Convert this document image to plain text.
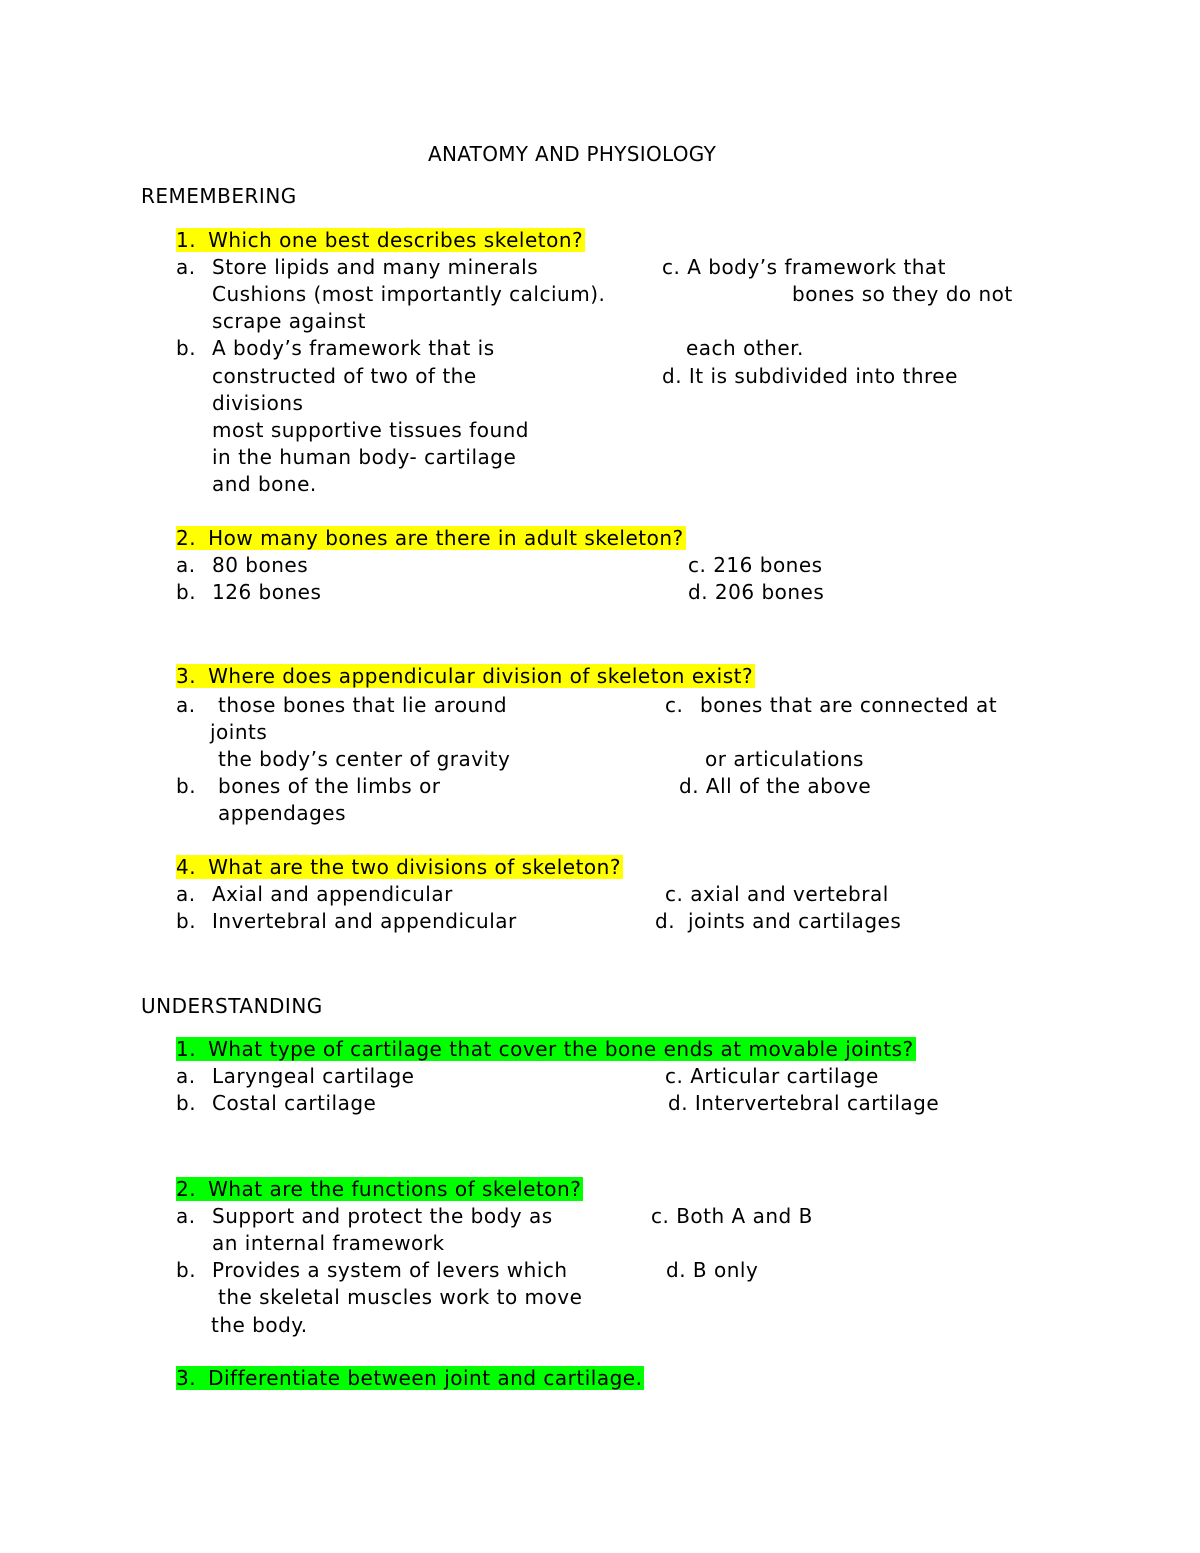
ANATOMY AND PHYSIOLOGY
REMEMBERING
1. Which one best describes skeleton?
a. Store lipids and many minerals	c. A body’s framework that
Cushions (most importantly calcium).	bones so they do not
scrape against
b. A body’s framework that is	each other.
constructed of two of the	d. It is subdivided into three
divisions
most supportive tissues found
in the human body- cartilage
and bone.
2. How many bones are there in adult skeleton?
a. 80 bones	c. 216 bones
b. 126 bones	d. 206 bones
3. Where does appendicular division of skeleton exist?
a. those bones that lie around	c. bones that are connected at
joints
the body’s center of gravity	or articulations
b. bones of the limbs or	d. All of the above
appendages
4. What are the two divisions of skeleton?
a. Axial and appendicular	c. axial and vertebral
b. Invertebral and appendicular	d. joints and cartilages
UNDERSTANDING
1. What type of cartilage that cover the bone ends at movable joints?
a. Laryngeal cartilage	c. Articular cartilage
b. Costal cartilage	d. Intervertebral cartilage
2. What are the functions of skeleton?
a. Support and protect the body as	c. Both A and B
an internal framework
b. Provides a system of levers which	d. B only
the skeletal muscles work to move
the body.
3. Differentiate between joint and cartilage.
